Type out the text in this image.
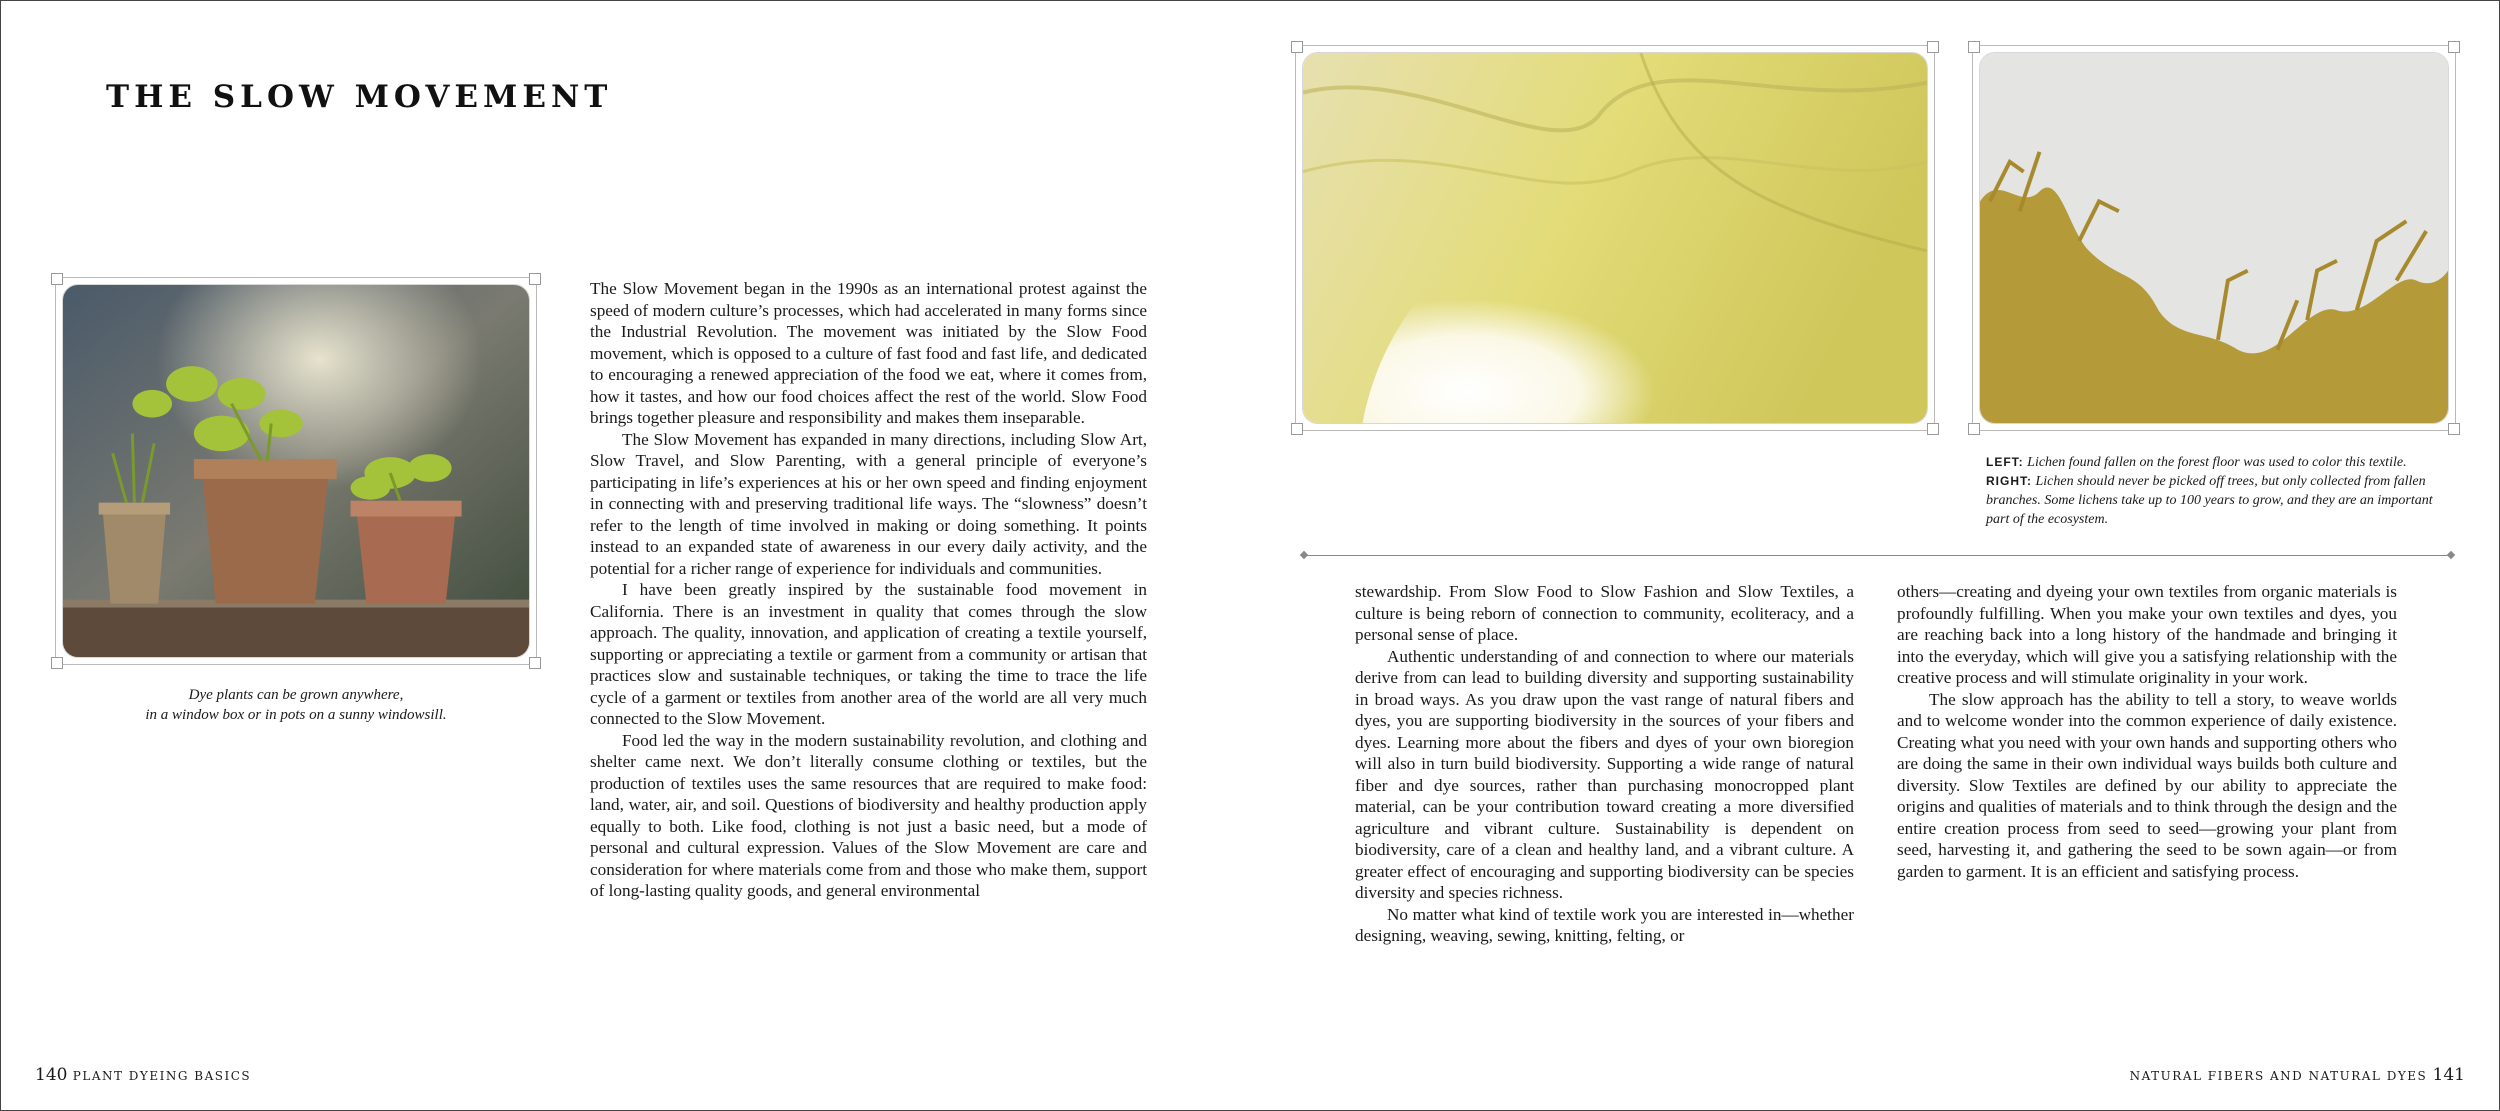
THE SLOW MOVEMENT
Dye plants can be grown anywhere,
in a window box or in pots on a sunny windowsill.

The Slow Movement began in the 1990s as an international protest against the speed of modern culture’s processes, which had accelerated in many forms since the Industrial Revolution. The movement was initiated by the Slow Food movement, which is opposed to a culture of fast food and fast life, and dedicated to encouraging a renewed appreciation of the food we eat, where it comes from, how it tastes, and how our food choices affect the rest of the world. Slow Food brings together pleasure and responsibility and makes them inseparable.

The Slow Movement has expanded in many directions, including Slow Art, Slow Travel, and Slow Parenting, with a general principle of everyone’s participating in life’s experiences at his or her own speed and finding enjoyment in connecting with and preserving traditional life ways. The “slowness” doesn’t refer to the length of time involved in making or doing something. It points instead to an expanded state of awareness in our every daily activity, and the potential for a richer range of experience for individuals and communities.

I have been greatly inspired by the sustainable food movement in California. There is an investment in quality that comes through the slow approach. The quality, innovation, and application of creating a textile yourself, supporting or appreciating a textile or garment from a community or artisan that practices slow and sustainable techniques, or taking the time to trace the life cycle of a garment or textiles from another area of the world are all very much connected to the Slow Movement.

Food led the way in the modern sustainability revolution, and clothing and shelter came next. We don’t literally consume clothing or textiles, but the production of textiles uses the same resources that are required to make food: land, water, air, and soil. Questions of biodiversity and healthy production apply equally to both. Like food, clothing is not just a basic need, but a mode of personal and cultural expression. Values of the Slow Movement are care and consideration for where materials come from and those who make them, support of long-lasting quality goods, and general environmental

140 PLANT DYEING BASICS
LEFT: Lichen found fallen on the forest floor was used to color this textile.
RIGHT: Lichen should never be picked off trees, but only collected from fallen branches. Some lichens take up to 100 years to grow, and they are an important part of the ecosystem.

stewardship. From Slow Food to Slow Fashion and Slow Textiles, a culture is being reborn of connection to community, ecoliteracy, and a personal sense of place.

Authentic understanding of and connection to where our materials derive from can lead to building diversity and supporting sustainability in broad ways. As you draw upon the vast range of natural fibers and dyes, you are supporting biodiversity in the sources of your fibers and dyes. Learning more about the fibers and dyes of your own bioregion will also in turn build biodiversity. Supporting a wide range of natural fiber and dye sources, rather than purchasing monocropped plant material, can be your contribution toward creating a more diversified agriculture and vibrant culture. Sustainability is dependent on biodiversity, care of a clean and healthy land, and a vibrant culture. A greater effect of encouraging and supporting biodiversity can be species diversity and species richness.

No matter what kind of textile work you are interested in—whether designing, weaving, sewing, knitting, felting, or

others—creating and dyeing your own textiles from organic materials is profoundly fulfilling. When you make your own textiles and dyes, you are reaching back into a long history of the handmade and bringing it into the everyday, which will give you a satisfying relationship with the creative process and will stimulate originality in your work.

The slow approach has the ability to tell a story, to weave worlds and to welcome wonder into the common experience of daily existence. Creating what you need with your own hands and supporting others who are doing the same in their own individual ways builds both culture and diversity. Slow Textiles are defined by our ability to appreciate the origins and qualities of materials and to think through the design and the entire creation process from seed to seed—growing your plant from seed, harvesting it, and gathering the seed to be sown again—or from garden to garment. It is an efficient and satisfying process.

NATURAL FIBERS AND NATURAL DYES 141
